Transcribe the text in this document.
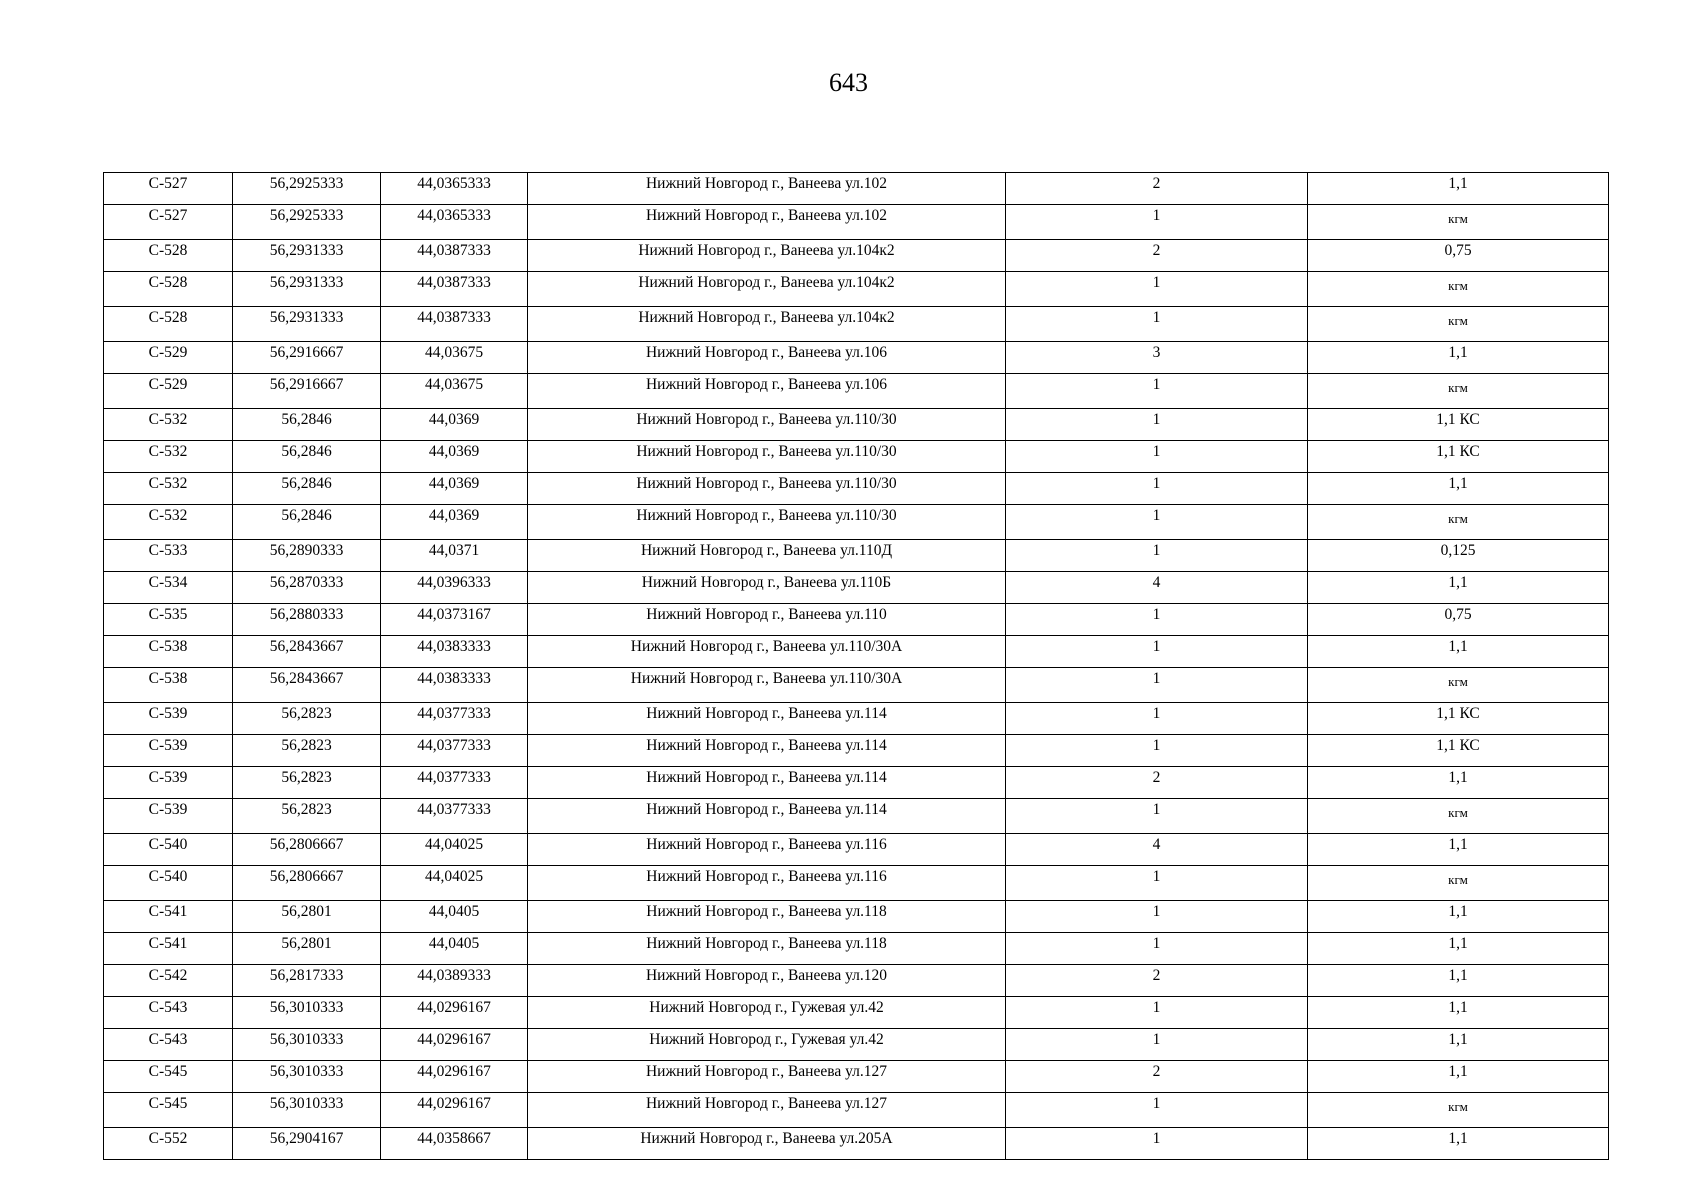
643
С-527	56,2925333	44,0365333	Нижний Новгород г., Ванеева ул.102	2	1,1
С-527	56,2925333	44,0365333	Нижний Новгород г., Ванеева ул.102	1	кгм
С-528	56,2931333	44,0387333	Нижний Новгород г., Ванеева ул.104к2	2	0,75
С-528	56,2931333	44,0387333	Нижний Новгород г., Ванеева ул.104к2	1	кгм
С-528	56,2931333	44,0387333	Нижний Новгород г., Ванеева ул.104к2	1	кгм
С-529	56,2916667	44,03675	Нижний Новгород г., Ванеева ул.106	3	1,1
С-529	56,2916667	44,03675	Нижний Новгород г., Ванеева ул.106	1	кгм
С-532	56,2846	44,0369	Нижний Новгород г., Ванеева ул.110/30	1	1,1 КС
С-532	56,2846	44,0369	Нижний Новгород г., Ванеева ул.110/30	1	1,1 КС
С-532	56,2846	44,0369	Нижний Новгород г., Ванеева ул.110/30	1	1,1
С-532	56,2846	44,0369	Нижний Новгород г., Ванеева ул.110/30	1	кгм
С-533	56,2890333	44,0371	Нижний Новгород г., Ванеева ул.110Д	1	0,125
С-534	56,2870333	44,0396333	Нижний Новгород г., Ванеева ул.110Б	4	1,1
С-535	56,2880333	44,0373167	Нижний Новгород г., Ванеева ул.110	1	0,75
С-538	56,2843667	44,0383333	Нижний Новгород г., Ванеева ул.110/30А	1	1,1
С-538	56,2843667	44,0383333	Нижний Новгород г., Ванеева ул.110/30А	1	кгм
С-539	56,2823	44,0377333	Нижний Новгород г., Ванеева ул.114	1	1,1 КС
С-539	56,2823	44,0377333	Нижний Новгород г., Ванеева ул.114	1	1,1 КС
С-539	56,2823	44,0377333	Нижний Новгород г., Ванеева ул.114	2	1,1
С-539	56,2823	44,0377333	Нижний Новгород г., Ванеева ул.114	1	кгм
С-540	56,2806667	44,04025	Нижний Новгород г., Ванеева ул.116	4	1,1
С-540	56,2806667	44,04025	Нижний Новгород г., Ванеева ул.116	1	кгм
С-541	56,2801	44,0405	Нижний Новгород г., Ванеева ул.118	1	1,1
С-541	56,2801	44,0405	Нижний Новгород г., Ванеева ул.118	1	1,1
С-542	56,2817333	44,0389333	Нижний Новгород г., Ванеева ул.120	2	1,1
С-543	56,3010333	44,0296167	Нижний Новгород г., Гужевая ул.42	1	1,1
С-543	56,3010333	44,0296167	Нижний Новгород г., Гужевая ул.42	1	1,1
С-545	56,3010333	44,0296167	Нижний Новгород г., Ванеева ул.127	2	1,1
С-545	56,3010333	44,0296167	Нижний Новгород г., Ванеева ул.127	1	кгм
С-552	56,2904167	44,0358667	Нижний Новгород г., Ванеева ул.205А	1	1,1
